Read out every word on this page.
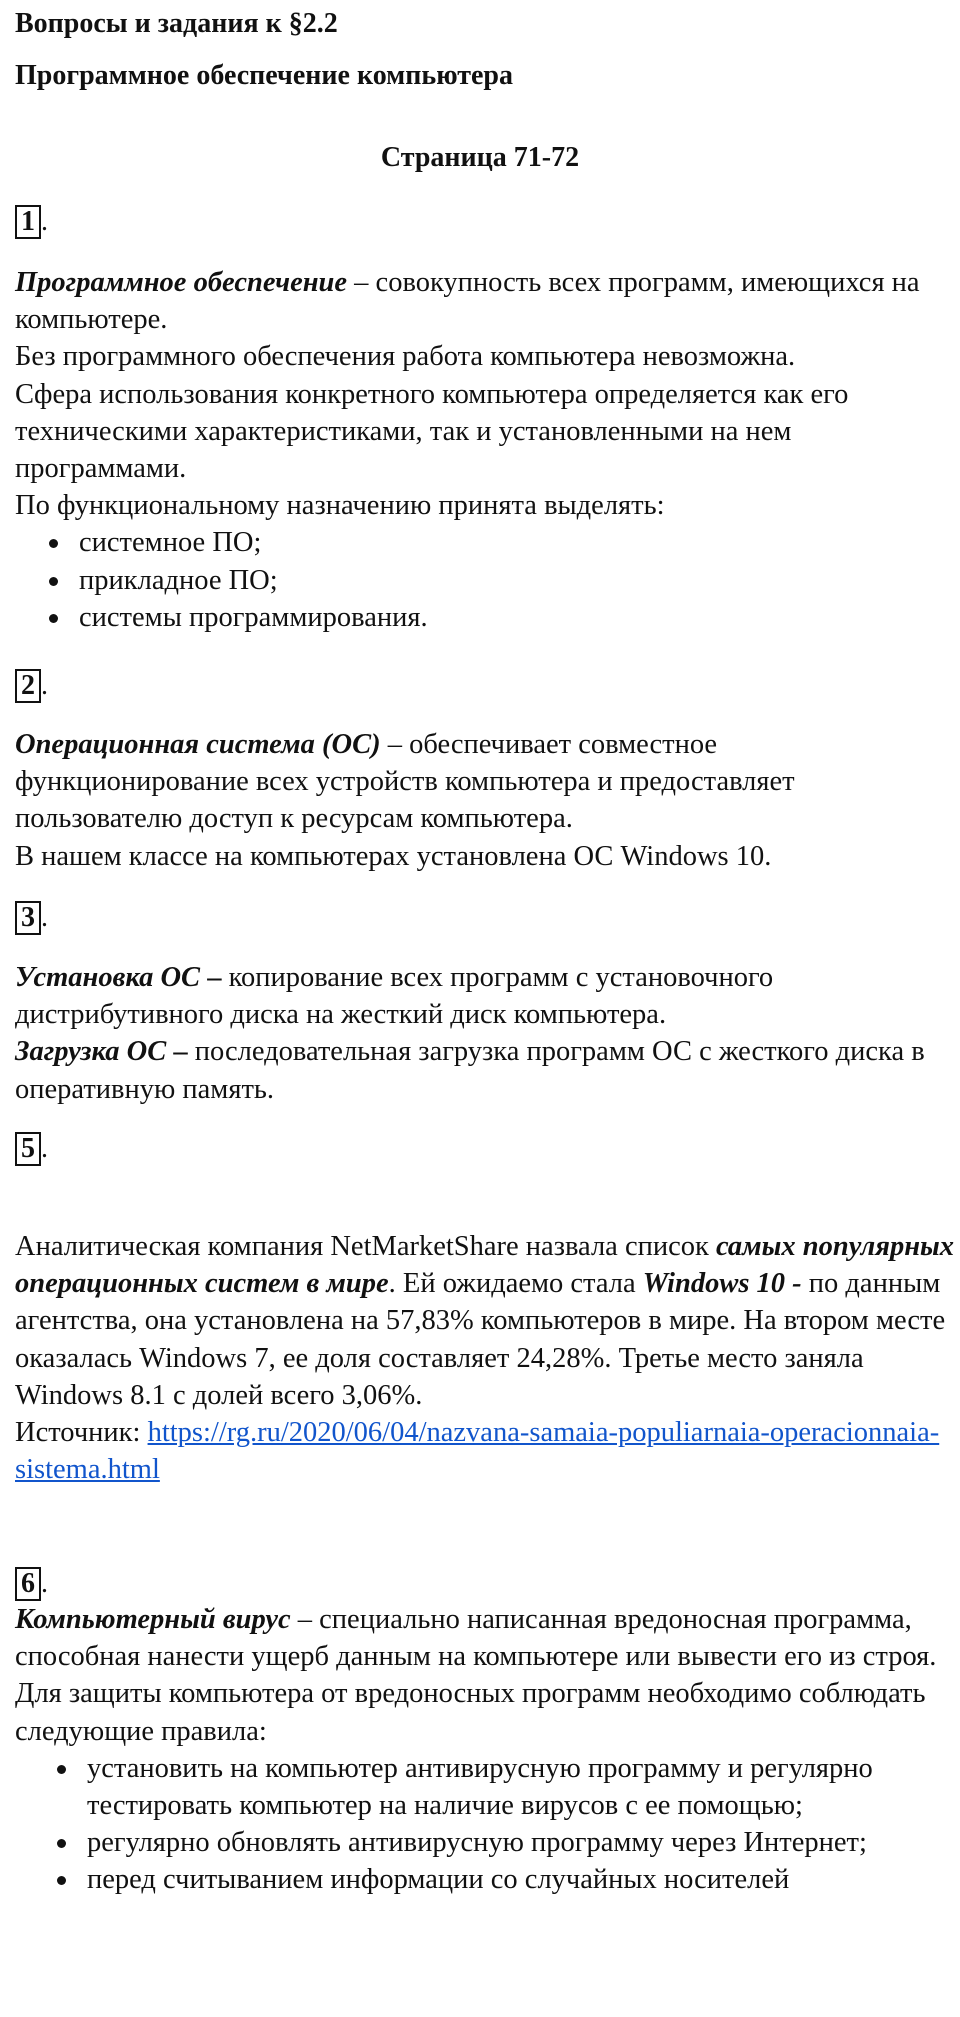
Вопросы и задания к §2.2
Программное обеспечение компьютера
Страница 71-72
1 .

Программное обеспечение – совокупность всех программ, имеющихся на компьютере.

Без программного обеспечения работа компьютера невозможна.

Сфера использования конкретного компьютера определяется как его техническими характеристиками, так и установленными на нем программами.

По функциональному назначению принята выделять:

системное ПО;
прикладное ПО;
системы программирования.
2 .

Операционная система (ОС) – обеспечивает совместное функционирование всех устройств компьютера и предоставляет пользователю доступ к ресурсам компьютера.

В нашем классе на компьютерах установлена ОС Windows 10.

3 .

Установка ОС – копирование всех программ с установочного дистрибутивного диска на жесткий диск компьютера.

Загрузка ОС – последовательная загрузка программ ОС с жесткого диска в оперативную память.

5 .

Аналитическая компания NetMarketShare назвала список самых популярных операционных систем в мире. Ей ожидаемо стала Windows 10 - по данным агентства, она установлена на 57,83% компьютеров в мире. На втором месте оказалась Windows 7, ее доля составляет 24,28%. Третье место заняла Windows 8.1 с долей всего 3,06%.

Источник: https://rg.ru/2020/06/04/nazvana-samaia-populiarnaia-operacionnaia-sistema.html

6 .

Компьютерный вирус – специально написанная вредоносная программа, способная нанести ущерб данным на компьютере или вывести его из строя.

Для защиты компьютера от вредоносных программ необходимо соблюдать следующие правила:

установить на компьютер антивирусную программу и регулярно тестировать компьютер на наличие вирусов с ее помощью;
регулярно обновлять антивирусную программу через Интернет;
перед считыванием информации со случайных носителей
